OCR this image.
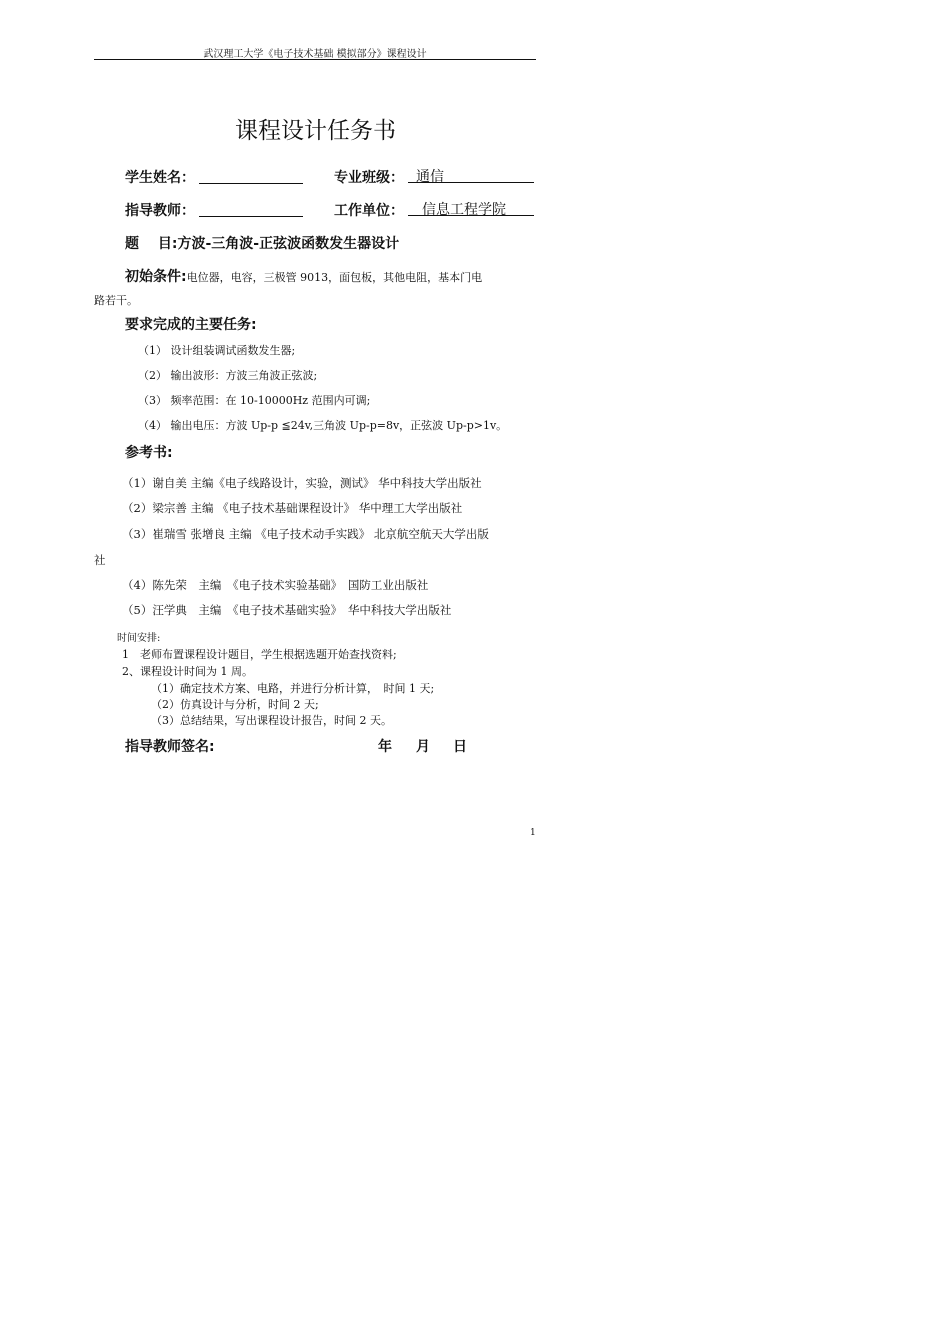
武汉理工大学《电子技术基础 模拟部分》课程设计
课程设计任务书
学生姓名：	专业班级： 通信
指导教师：	工作单位：	信息工程学院
题　 目:方波-三角波-正弦波函数发生器设计
初始条件:电位器，电容，三极管 9013，面包板，其他电阻，基本门电
路若干。
要求完成的主要任务:
（1） 设计组装调试函数发生器;
（2） 输出波形：方波三角波正弦波;
（3） 频率范围：在 10-10000Hz 范围内可调;
（4） 输出电压：方波 Up-p ≦24v,三角波 Up-p=8v，正弦波 Up-p>1v。
参考书:
（1）谢自美 主编《电子线路设计，实验，测试》 华中科技大学出版社
（2）梁宗善 主编 《电子技术基础课程设计》 华中理工大学出版社
（3）崔瑞雪 张增良 主编 《电子技术动手实践》 北京航空航天大学出版
社
（4）陈先荣　主编　《电子技术实验基础》　国防工业出版社
（5）汪学典　主编　《电子技术基础实验》　华中科技大学出版社
时间安排:
1　老师布置课程设计题目，学生根据选题开始查找资料;
2、课程设计时间为 1 周。
（1）确定技术方案、电路，并进行分析计算，　时间 1 天;
（2）仿真设计与分析，时间 2 天;
（3）总结结果，写出课程设计报告，时间 2 天。
指导教师签名:	年 月 日
1
